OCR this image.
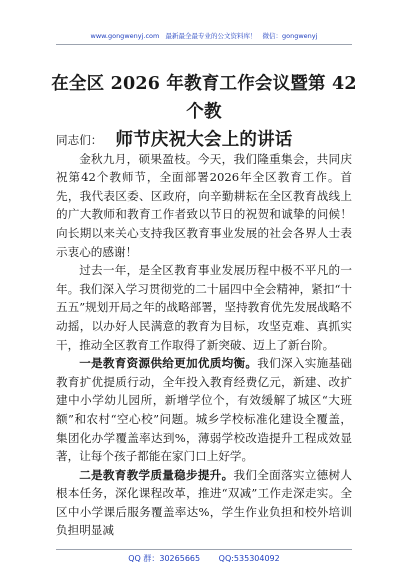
www.gongwenyj.com 最新最全最专业的公文资料库！ 微信：gongwenyj
在全区 2026 年教育工作会议暨第 42 个教
师节庆祝大会上的讲话

同志们：

金秋九月，硕果盈枝。今天，我们隆重集会，共同庆祝第42个教师节，全面部署2026年全区教育工作。首先，我代表区委、区政府，向辛勤耕耘在全区教育战线上的广大教师和教育工作者致以节日的祝贺和诚挚的问候！向长期以来关心支持我区教育事业发展的社会各界人士表示衷心的感谢！

过去一年，是全区教育事业发展历程中极不平凡的一年。我们深入学习贯彻党的二十届四中全会精神，紧扣“十五五”规划开局之年的战略部署，坚持教育优先发展战略不动摇，以办好人民满意的教育为目标，攻坚克难、真抓实干，推动全区教育工作取得了新突破、迈上了新台阶。

一是教育资源供给更加优质均衡。我们深入实施基础教育扩优提质行动，全年投入教育经费亿元，新建、改扩建中小学幼儿园所，新增学位个，有效缓解了城区“大班额”和农村“空心校”问题。城乡学校标准化建设全覆盖，集团化办学覆盖率达到%，薄弱学校改造提升工程成效显著，让每个孩子都能在家门口上好学。

二是教育教学质量稳步提升。我们全面落实立德树人根本任务，深化课程改革，推进“双减”工作走深走实。全区中小学课后服务覆盖率达%，学生作业负担和校外培训负担明显减

QQ 群：30265665 QQ:535304092
